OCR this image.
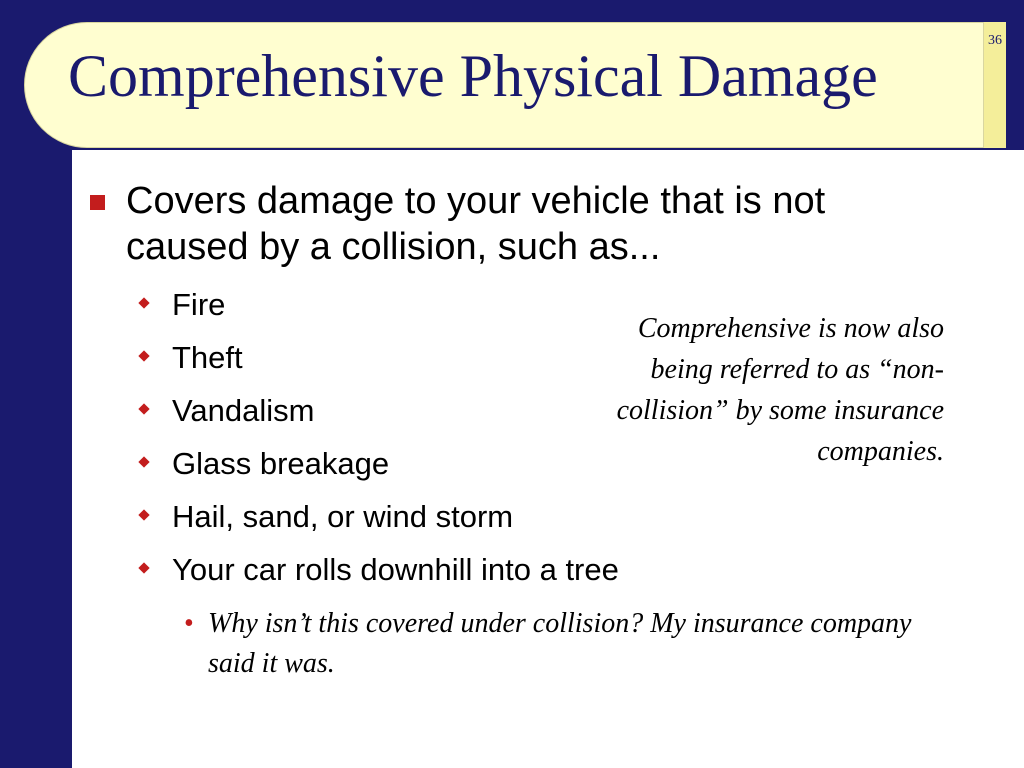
36
Comprehensive Physical Damage
Covers damage to your vehicle that is not caused by a collision, such as...
Fire
Theft
Vandalism
Glass breakage
Hail, sand, or wind storm
Your car rolls downhill into a tree
• Why isn’t this covered under collision? My insurance company said it was.

Comprehensive is now also being referred to as “non-collision” by some insurance companies.
